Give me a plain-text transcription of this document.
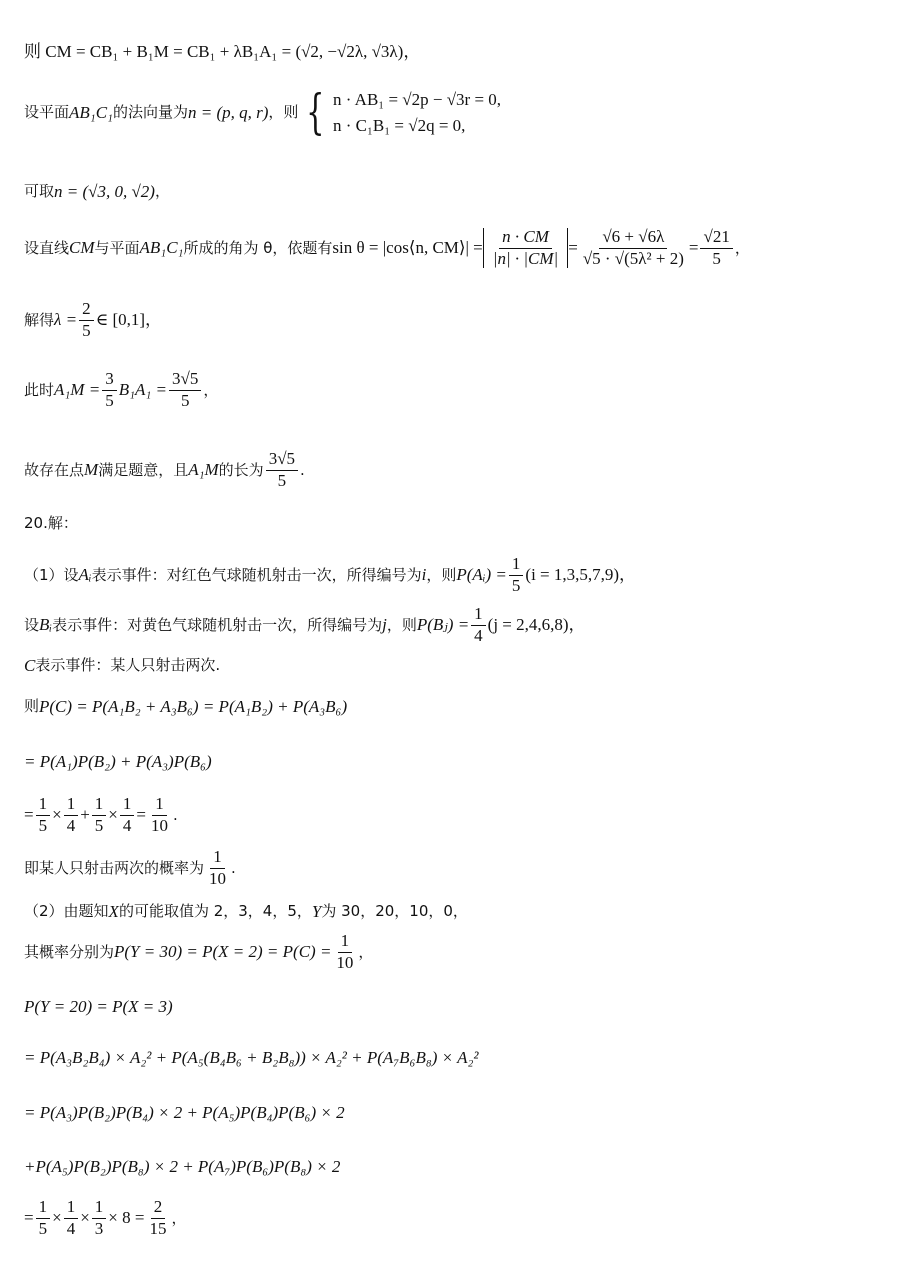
则 CM = CB₁ + B₁M = CB₁ + λB₁A₁ = (√2, −√2λ, √3λ)，
设平面 AB₁C₁ 的法向量为 n = (p, q, r) ，则 { n · AB₁ = √2p − √3r = 0,
n · C₁B₁ = √2q = 0,
可取 n = (√3, 0, √2) ，
设直线 CM 与平面 AB₁C₁ 所成的角为 θ，依题有 sin θ = |cos⟨n, CM⟩| = $\frac{n \cdot CM}{|n| \cdot |CM|} = \frac{√6 + √6\lambda}{\text{√5 · √(5λ² + 2)}} = \frac{√21}{5}$ ，
解得 $\lambda = \frac{2}{5}$ ∈ [0,1]，
此时 $A_1M = \frac{3}{5} B_1A_1 = \frac{3√5}{5}$ ，
故存在点 M 满足题意，且 A₁M 的长为 $\frac{3√5}{5}$ .
20.解：
（1）设 Aᵢ 表示事件：对红色气球随机射击一次，所得编号为 i ，则 P(Aᵢ) = $\frac{1}{5} (i = 1,3,5,7,9)$，
设 Bᵢ 表示事件：对黄色气球随机射击一次，所得编号为 j ，则 P(Bⱼ) = $\frac{1}{4} (j = 2,4,6,8)$，
C 表示事件：某人只射击两次.
则 P(C) = P(A₁B₂ + A₃B₆) = P(A₁B₂) + P(A₃B₆)
= P(A₁)P(B₂) + P(A₃)P(B₆)
= $\frac{1}{5} \times \frac{1}{4} + \frac{1}{5} \times \frac{1}{4} = \frac{1}{10}$ .
即某人只射击两次的概率为 $\frac{1}{10}$ .
（2）由题知 X 的可能取值为 2，3，4，5， Y 为 30，20，10，0，
其概率分别为 $P(Y = 30) = P(X = 2) = P(C) = \frac{1}{10}$ ，
P(Y = 20) = P(X = 3)
= P(A₃B₂B₄) × A₂² + P(A₅(B₄B₆ + B₂B₈)) × A₂² + P(A₇B₆B₈) × A₂²
= P(A₃)P(B₂)P(B₄) × 2 + P(A₅)P(B₄)P(B₆) × 2
+P(A₅)P(B₂)P(B₈) × 2 + P(A₇)P(B₆)P(B₈) × 2
= $\frac{1}{5} \times \frac{1}{4} \times \frac{1}{3} \times 8 = \frac{2}{15}$ ，
